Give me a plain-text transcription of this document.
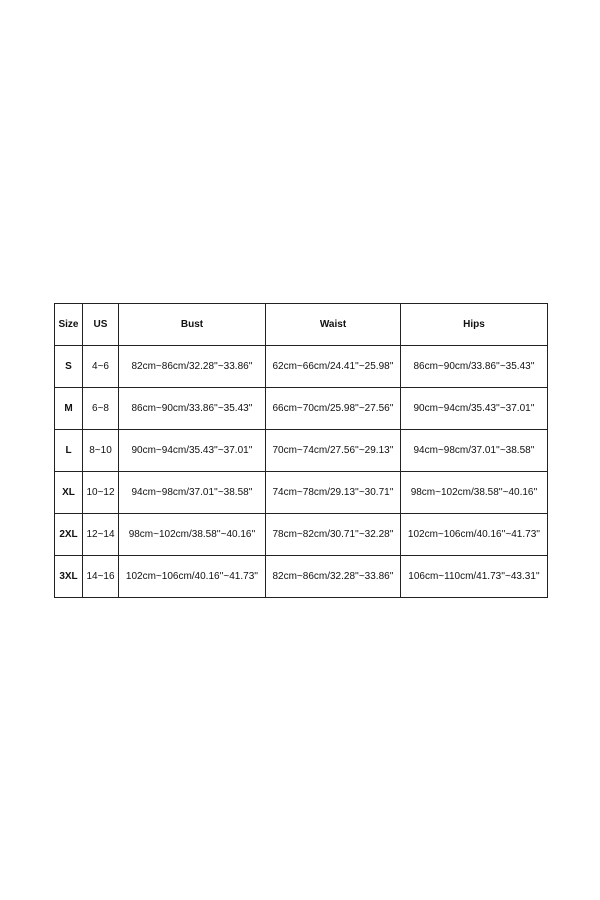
Size	US	Bust	Waist	Hips
S	4~6	82cm~86cm/32.28''~33.86''	62cm~66cm/24.41''~25.98''	86cm~90cm/33.86''~35.43''
M	6~8	86cm~90cm/33.86''~35.43''	66cm~70cm/25.98''~27.56''	90cm~94cm/35.43''~37.01''
L	8~10	90cm~94cm/35.43''~37.01''	70cm~74cm/27.56''~29.13''	94cm~98cm/37.01''~38.58''
XL	10~12	94cm~98cm/37.01''~38.58''	74cm~78cm/29.13''~30.71''	98cm~102cm/38.58''~40.16''
2XL	12~14	98cm~102cm/38.58''~40.16''	78cm~82cm/30.71''~32.28''	102cm~106cm/40.16''~41.73''
3XL	14~16	102cm~106cm/40.16''~41.73''	82cm~86cm/32.28''~33.86''	106cm~110cm/41.73''~43.31''
